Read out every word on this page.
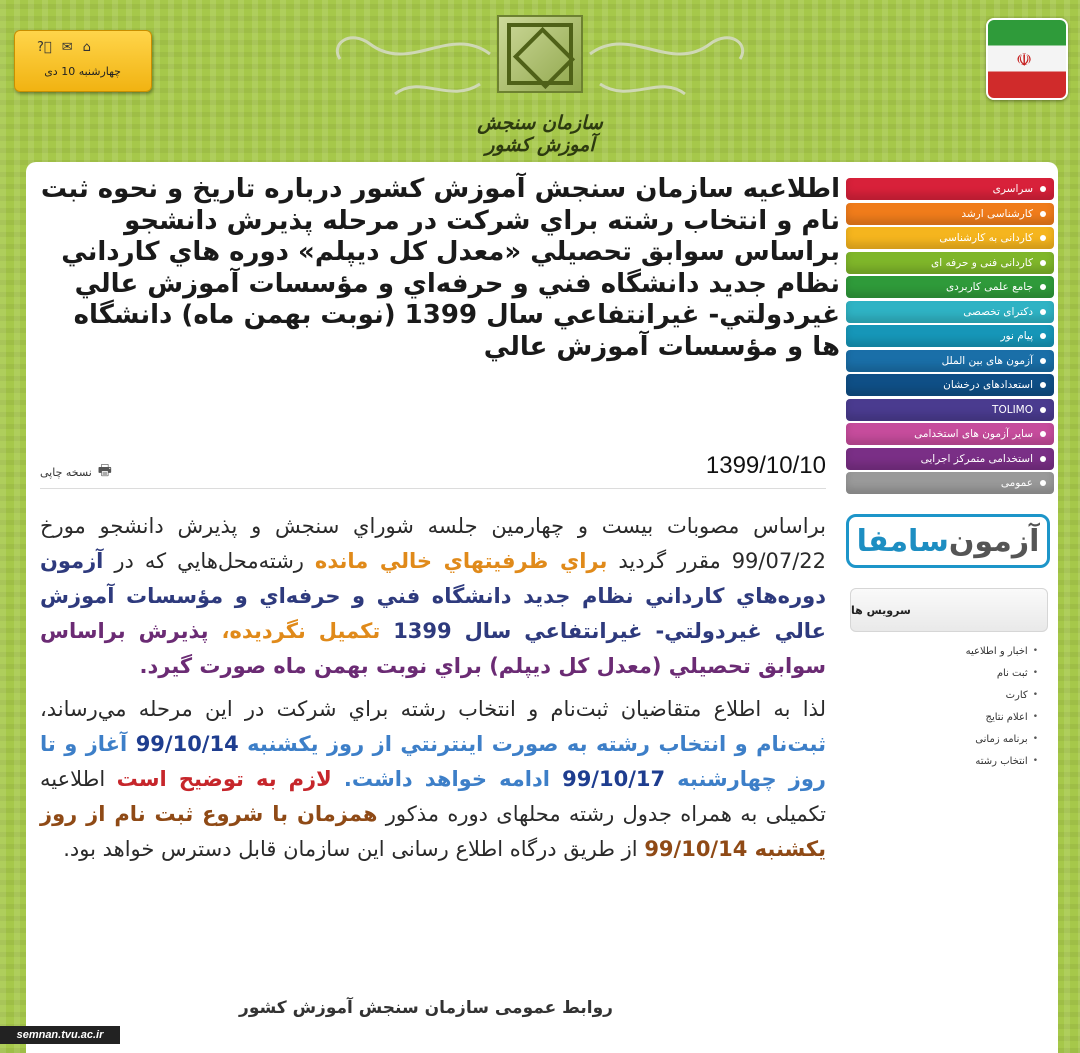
?⃞ ✉ ⌂
چهارشنبه 10 دی
سازمان سنجش آموزش کشور
☫
اطلاعيه سازمان سنجش آموزش كشور درباره تاريخ و نحوه ثبت نام و انتخاب رشته براي شركت در مرحله پذيرش دانشجو براساس سوابق تحصيلي «معدل كل ديپلم» دوره هاي كارداني نظام جديد دانشگاه فني و حرفه‌اي و مؤسسات آموزش عالي غيردولتي- غيرانتفاعي سال 1399 (نوبت بهمن ماه) دانشگاه ها و مؤسسات آموزش عالي
🖶
نسخه چاپی	1399/10/10

براساس مصوبات بيست و چهارمين جلسه شوراي سنجش و پذيرش دانشجو مورخ 99/07/22 مقرر گرديد براي ظرفيتهاي خالي مانده رشته‌محل‌هايي كه در آزمون دوره‌هاي كارداني نظام جديد دانشگاه فني و حرفه‌اي و مؤسسات آموزش عالي غيردولتي- غيرانتفاعي سال 1399 تكميل نگرديده، پذيرش براساس سوابق تحصيلي (معدل كل ديپلم) براي نوبت بهمن ماه صورت گيرد.

لذا به اطلاع متقاضيان ثبت‌نام و انتخاب رشته براي شركت در اين مرحله مي‌رساند، ثبت‌نام و انتخاب رشته به صورت اينترنتي از روز يكشنبه 99/10/14 آغاز و تا روز چهارشنبه 99/10/17 ادامه خواهد داشت. لازم به توضيح است اطلاعيه تكميلی به همراه جدول رشته محلهای دوره مذكور همزمان با شروع ثبت نام از روز يكشنبه 99/10/14 از طريق درگاه اطلاع رسانی اين سازمان قابل دسترس خواهد بود.

روابط عمومی سازمان سنجش آموزش کشور
سراسری
کارشناسی ارشد
کاردانی به کارشناسی
کاردانی فنی و حرفه ای
جامع علمی کاربردی
دکترای تخصصی
پیام نور
آزمون های بین الملل
استعدادهای درخشان
TOLIMO
سایر آزمون های استخدامی
استخدامی متمرکز اجرایی
عمومی
آزمون
سامفا
سرویس ها
اخبار و اطلاعیه •
ثبت نام •
کارت •
اعلام نتایج •
برنامه زمانی •
انتخاب رشته •
semnan.tvu.ac.ir
